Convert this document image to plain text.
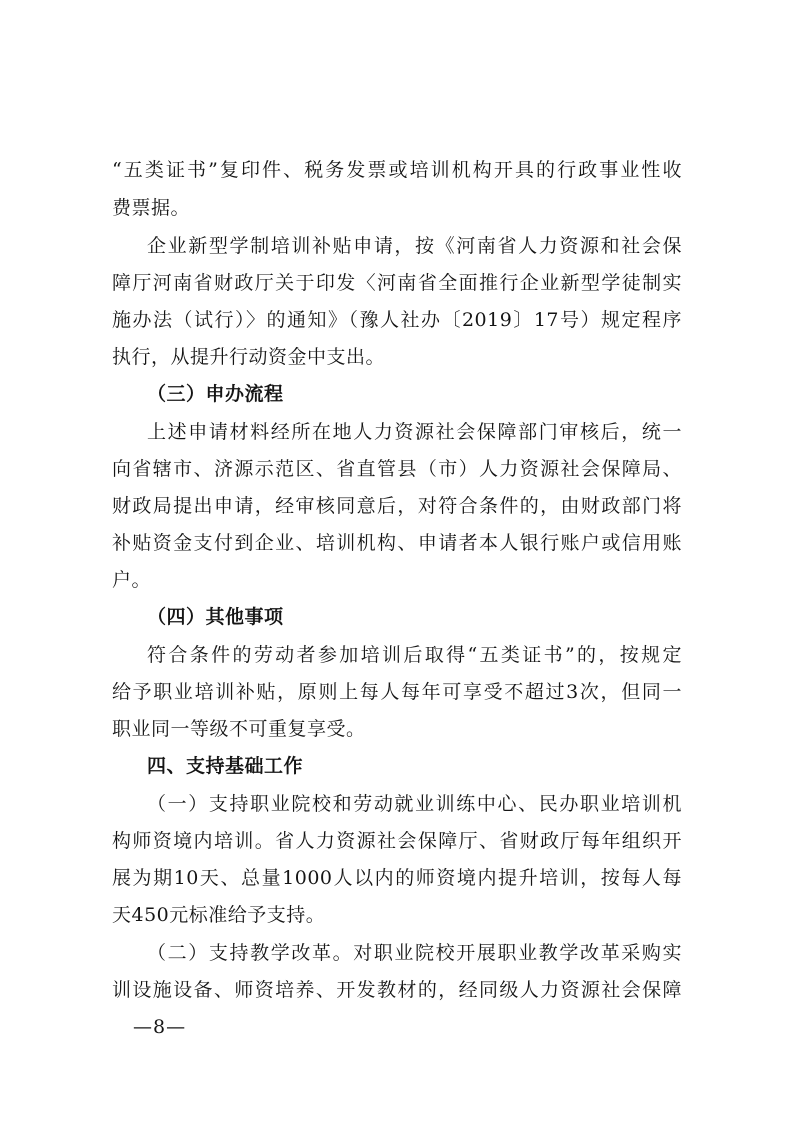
“五类证书”复印件、税务发票或培训机构开具的行政事业性收
费票据。
企业新型学制培训补贴申请，按《河南省人力资源和社会保
障厅河南省财政厅关于印发〈河南省全面推行企业新型学徒制实
施办法（试行）〉的通知》（豫人社办〔2019〕17号）规定程序
执行，从提升行动资金中支出。
（三）申办流程
上述申请材料经所在地人力资源社会保障部门审核后，统一
向省辖市、济源示范区、省直管县（市）人力资源社会保障局、
财政局提出申请，经审核同意后，对符合条件的，由财政部门将
补贴资金支付到企业、培训机构、申请者本人银行账户或信用账
户。
（四）其他事项
符合条件的劳动者参加培训后取得“五类证书”的，按规定
给予职业培训补贴，原则上每人每年可享受不超过3次，但同一
职业同一等级不可重复享受。
四、支持基础工作
（一）支持职业院校和劳动就业训练中心、民办职业培训机
构师资境内培训。省人力资源社会保障厅、省财政厅每年组织开
展为期10天、总量1000人以内的师资境内提升培训，按每人每
天450元标准给予支持。
（二）支持教学改革。对职业院校开展职业教学改革采购实
训设施设备、师资培养、开发教材的，经同级人力资源社会保障
—8—
